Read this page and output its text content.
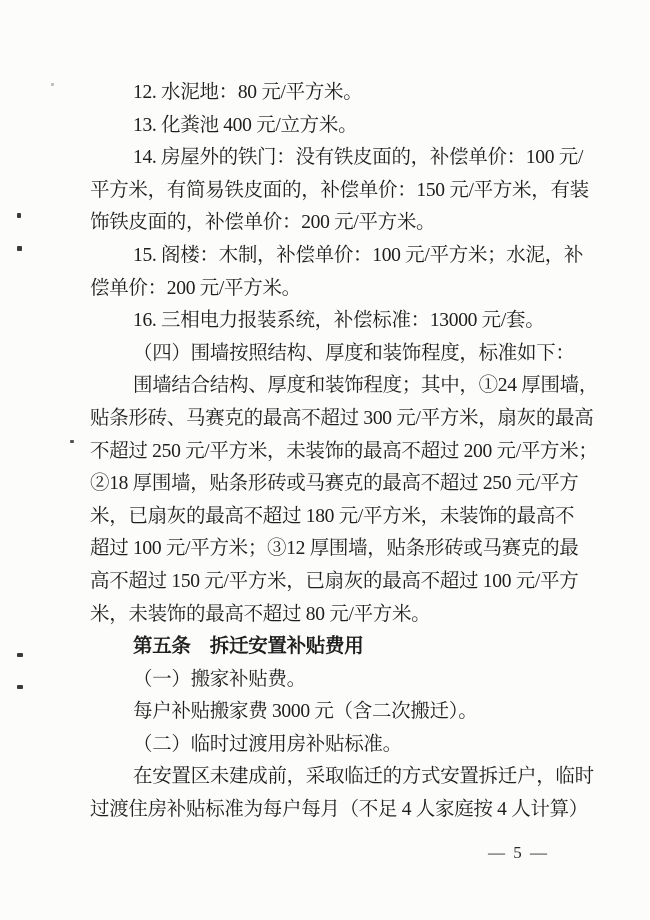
12. 水泥地：80 元/平方米。
13. 化粪池 400 元/立方米。
14. 房屋外的铁门：没有铁皮面的，补偿单价：100 元/
平方米，有简易铁皮面的，补偿单价：150 元/平方米，有装
饰铁皮面的，补偿单价：200 元/平方米。
15. 阁楼：木制，补偿单价：100 元/平方米；水泥，补
偿单价：200 元/平方米。
16. 三相电力报装系统，补偿标准：13000 元/套。
（四）围墙按照结构、厚度和装饰程度，标准如下：
围墙结合结构、厚度和装饰程度；其中，①24 厚围墙，
贴条形砖、马赛克的最高不超过 300 元/平方米，扇灰的最高
不超过 250 元/平方米，未装饰的最高不超过 200 元/平方米；
②18 厚围墙，贴条形砖或马赛克的最高不超过 250 元/平方
米，已扇灰的最高不超过 180 元/平方米，未装饰的最高不
超过 100 元/平方米；③12 厚围墙，贴条形砖或马赛克的最
高不超过 150 元/平方米，已扇灰的最高不超过 100 元/平方
米，未装饰的最高不超过 80 元/平方米。
第五条　拆迁安置补贴费用
（一）搬家补贴费。
每户补贴搬家费 3000 元（含二次搬迁）。
（二）临时过渡用房补贴标准。
在安置区未建成前，采取临迁的方式安置拆迁户，临时
过渡住房补贴标准为每户每月（不足 4 人家庭按 4 人计算）
— 5 —
